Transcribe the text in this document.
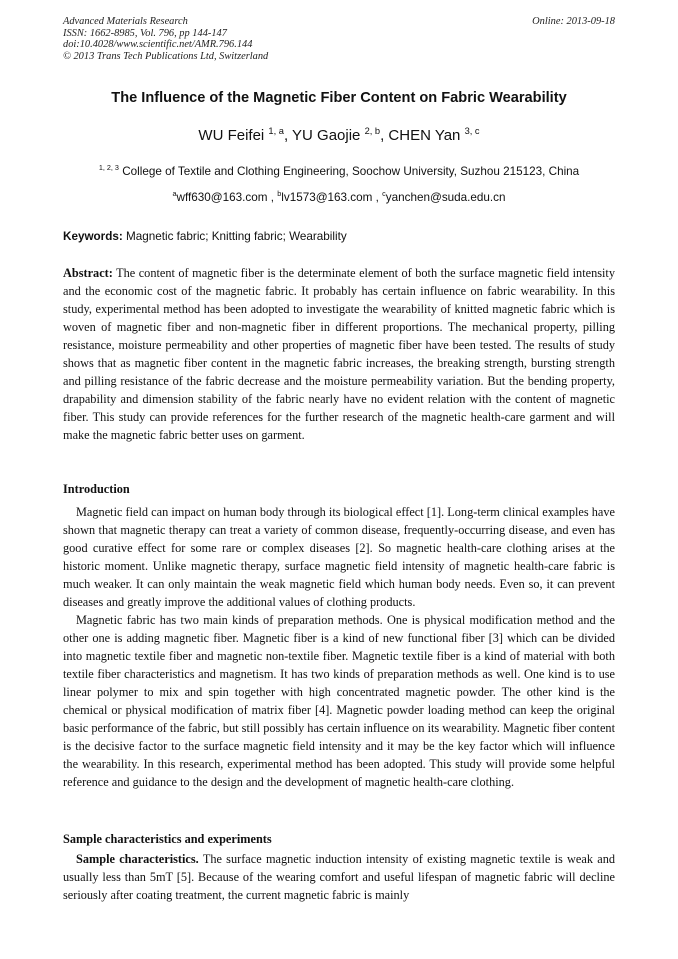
Advanced Materials Research
ISSN: 1662-8985, Vol. 796, pp 144-147
doi:10.4028/www.scientific.net/AMR.796.144
© 2013 Trans Tech Publications Ltd, Switzerland
Online: 2013-09-18
The Influence of the Magnetic Fiber Content on Fabric Wearability
WU Feifei $^{1, a}$, YU Gaojie $^{2, b}$, CHEN Yan $^{3, c}$
$^{1, 2, 3}$ College of Textile and Clothing Engineering, Soochow University, Suzhou 215123, China
$^a$wff630@163.com , $^b$lv1573@163.com , $^c$yanchen@suda.edu.cn
Keywords: Magnetic fabric; Knitting fabric; Wearability
Abstract: The content of magnetic fiber is the determinate element of both the surface magnetic field intensity and the economic cost of the magnetic fabric. It probably has certain influence on fabric wearability. In this study, experimental method has been adopted to investigate the wearability of knitted magnetic fabric which is woven of magnetic fiber and non-magnetic fiber in different proportions. The mechanical property, pilling resistance, moisture permeability and other properties of magnetic fiber have been tested. The results of study shows that as magnetic fiber content in the magnetic fabric increases, the breaking strength, bursting strength and pilling resistance of the fabric decrease and the moisture permeability variation. But the bending property, drapability and dimension stability of the fabric nearly have no evident relation with the content of magnetic fiber. This study can provide references for the further research of the magnetic health-care garment and will make the magnetic fabric better uses on garment.
Introduction

Magnetic field can impact on human body through its biological effect [1]. Long-term clinical examples have shown that magnetic therapy can treat a variety of common disease, frequently-occurring disease, and even has good curative effect for some rare or complex diseases [2]. So magnetic health-care clothing arises at the historic moment. Unlike magnetic therapy, surface magnetic field intensity of magnetic health-care fabric is much weaker. It can only maintain the weak magnetic field which human body needs. Even so, it can prevent diseases and greatly improve the additional values of clothing products.

Magnetic fabric has two main kinds of preparation methods. One is physical modification method and the other one is adding magnetic fiber. Magnetic fiber is a kind of new functional fiber [3] which can be divided into magnetic textile fiber and magnetic non-textile fiber. Magnetic textile fiber is a kind of material with both textile fiber characteristics and magnetism. It has two kinds of preparation methods as well. One kind is to use linear polymer to mix and spin together with high concentrated magnetic powder. The other kind is the chemical or physical modification of matrix fiber [4]. Magnetic powder loading method can keep the original basic performance of the fabric, but still possibly has certain influence on its wearability. Magnetic fiber content is the decisive factor to the surface magnetic field intensity and it may be the key factor which will influence the wearability. In this research, experimental method has been adopted. This study will provide some helpful reference and guidance to the design and the development of magnetic health-care clothing.

Sample characteristics and experiments

Sample characteristics. The surface magnetic induction intensity of existing magnetic textile is weak and usually less than 5mT [5]. Because of the wearing comfort and useful lifespan of magnetic fabric will decline seriously after coating treatment, the current magnetic fabric is mainly
